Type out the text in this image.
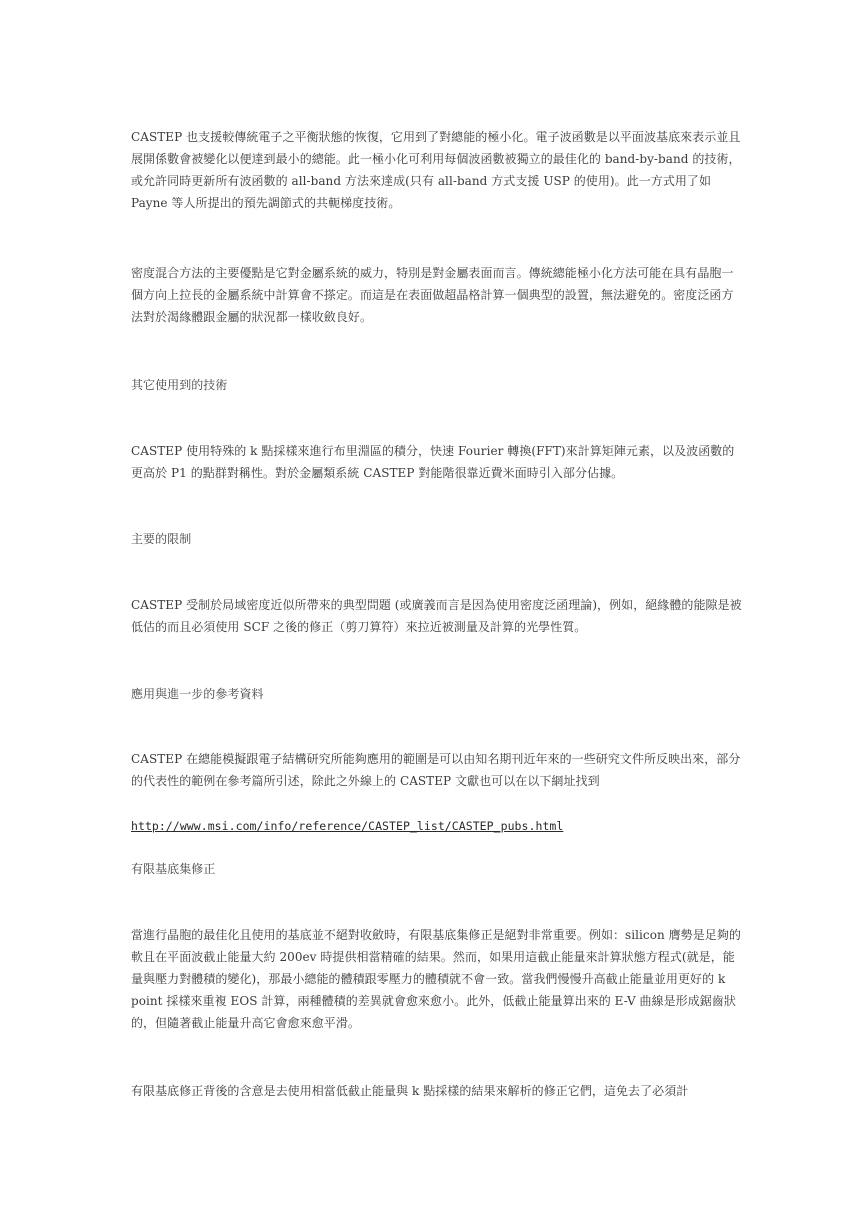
CASTEP 也支援較傳統電子之平衡狀態的恢復，它用到了對總能的極小化。電子波函數是以平面波基底來表示並且展開係數會被變化以便達到最小的總能。此一極小化可利用每個波函數被獨立的最佳化的 band-by-band 的技術，或允許同時更新所有波函數的 all-band 方法來達成(只有 all-band 方式支援 USP 的使用)。此一方式用了如 Payne 等人所提出的預先調節式的共軛梯度技術。
密度混合方法的主要優點是它對金屬系統的威力，特別是對金屬表面而言。傳統總能極小化方法可能在具有晶胞一個方向上拉長的金屬系統中計算會不搽定。而這是在表面做超晶格計算一個典型的設置，無法避免的。密度泛函方法對於渴緣體跟金屬的狀況都一樣收斂良好。
其它使用到的技術
CASTEP 使用特殊的 k 點採樣來進行布里淵區的積分，快速 Fourier 轉換(FFT)來計算矩陣元素，以及波函數的更高於 P1 的點群對稱性。對於金屬類系統 CASTEP 對能階很靠近費米面時引入部分佔據。
主要的限制
CASTEP 受制於局域密度近似所帶來的典型問題 (或廣義而言是因為使用密度泛函理論)，例如，絕緣體的能隙是被低估的而且必須使用 SCF 之後的修正（剪刀算符）來拉近被測量及計算的光學性質。
應用與進一步的參考資料
CASTEP 在總能模擬跟電子結構研究所能夠應用的範圍是可以由知名期刊近年來的一些研究文件所反映出來，部分的代表性的範例在參考篇所引述，除此之外線上的 CASTEP 文獻也可以在以下網址找到
http://www.msi.com/info/reference/CASTEP_list/CASTEP_pubs.html
有限基底集修正
當進行晶胞的最佳化且使用的基底並不絕對收斂時，有限基底集修正是絕對非常重要。例如：silicon 膺勢是足夠的軟且在平面波截止能量大約 200ev 時提供相當精確的結果。然而，如果用這截止能量來計算狀態方程式(就是，能量與壓力對體積的變化)，那最小總能的體積跟零壓力的體積就不會一致。當我們慢慢升高截止能量並用更好的 k point 採樣來重複 EOS 計算，兩種體積的差異就會愈來愈小。此外，低截止能量算出來的 E-V 曲線是形成鋸齒狀的，但隨著截止能量升高它會愈來愈平滑。
有限基底修正背後的含意是去使用相當低截止能量與 k 點採樣的結果來解析的修正它們，這免去了必須計
